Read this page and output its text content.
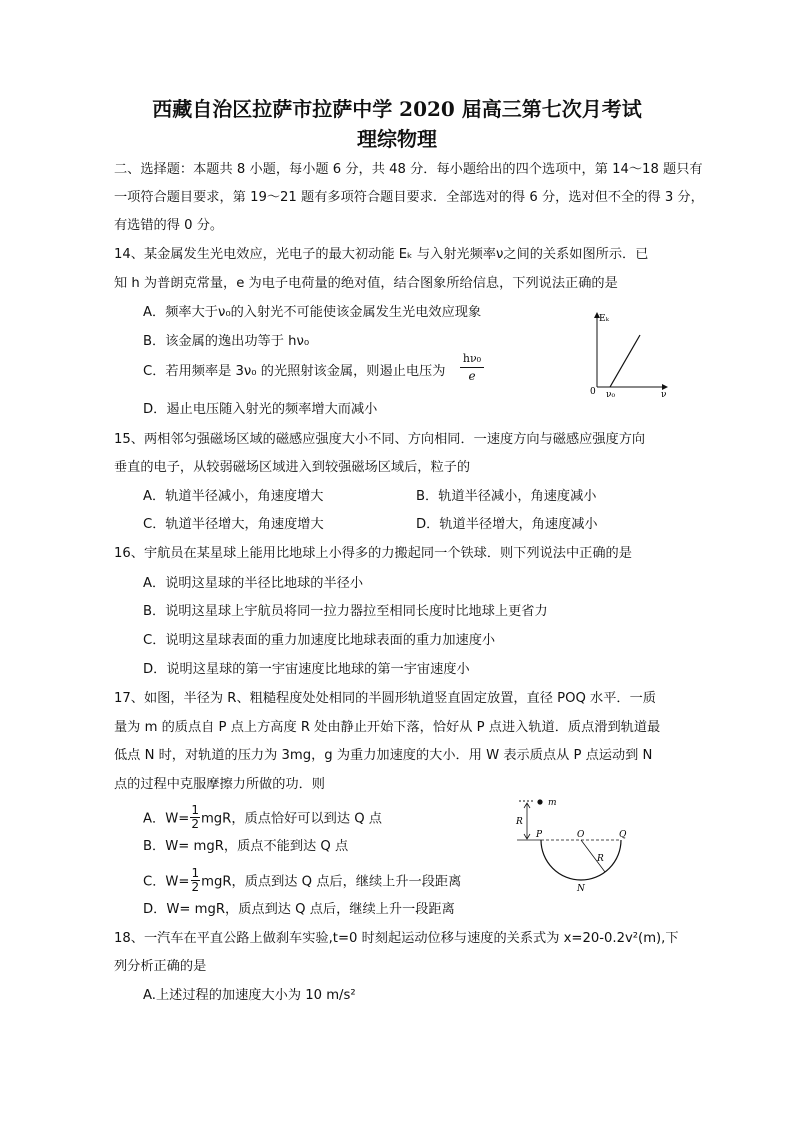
西藏自治区拉萨市拉萨中学 2020 届高三第七次月考试
理综物理
二、选择题：本题共 8 小题，每小题 6 分，共 48 分．每小题给出的四个选项中，第 14～18 题只有
一项符合题目要求，第 19～21 题有多项符合题目要求．全部选对的得 6 分，选对但不全的得 3 分，
有选错的得 0 分。
14、某金属发生光电效应，光电子的最大初动能 Eₖ 与入射光频率ν之间的关系如图所示．已
知 h 为普朗克常量，e 为电子电荷量的绝对值，结合图象所给信息，下列说法正确的是
A．频率大于ν₀的入射光不可能使该金属发生光电效应现象
B．该金属的逸出功等于 hν₀
C．若用频率是 3ν₀ 的光照射该金属，则遏止电压为
hν₀
e
D．遏止电压随入射光的频率增大而减小
Eₖ
0 ν₀	ν
15、两相邻匀强磁场区域的磁感应强度大小不同、方向相同．一速度方向与磁感应强度方向
垂直的电子，从较弱磁场区域进入到较强磁场区域后，粒子的
A．轨道半径减小，角速度增大	B．轨道半径减小，角速度减小
C．轨道半径增大，角速度增大	D．轨道半径增大，角速度减小
16、宇航员在某星球上能用比地球上小得多的力搬起同一个铁球．则下列说法中正确的是
A．说明这星球的半径比地球的半径小
B．说明这星球上宇航员将同一拉力器拉至相同长度时比地球上更省力
C．说明这星球表面的重力加速度比地球表面的重力加速度小
D．说明这星球的第一宇宙速度比地球的第一宇宙速度小
17、如图，半径为 R、粗糙程度处处相同的半圆形轨道竖直固定放置，直径 POQ 水平．一质
量为 m 的质点自 P 点上方高度 R 处由静止开始下落，恰好从 P 点进入轨道．质点滑到轨道最
低点 N 时，对轨道的压力为 3mg，g 为重力加速度的大小．用 W 表示质点从 P 点运动到 N
点的过程中克服摩擦力所做的功．则
A．$W= \frac{1}{2}$ mgR，质点恰好可以到达 Q 点
B．W= mgR，质点不能到达 Q 点
C．$W= \frac{1}{2}$ mgR，质点到达 Q 点后，继续上升一段距离
D．W= mgR，质点到达 Q 点后，继续上升一段距离
m
R
P	O	Q
R
N
18、一汽车在平直公路上做刹车实验,t=0 时刻起运动位移与速度的关系式为 x=20-0.2v²(m),下
列分析正确的是
A.上述过程的加速度大小为 10 m/s²
